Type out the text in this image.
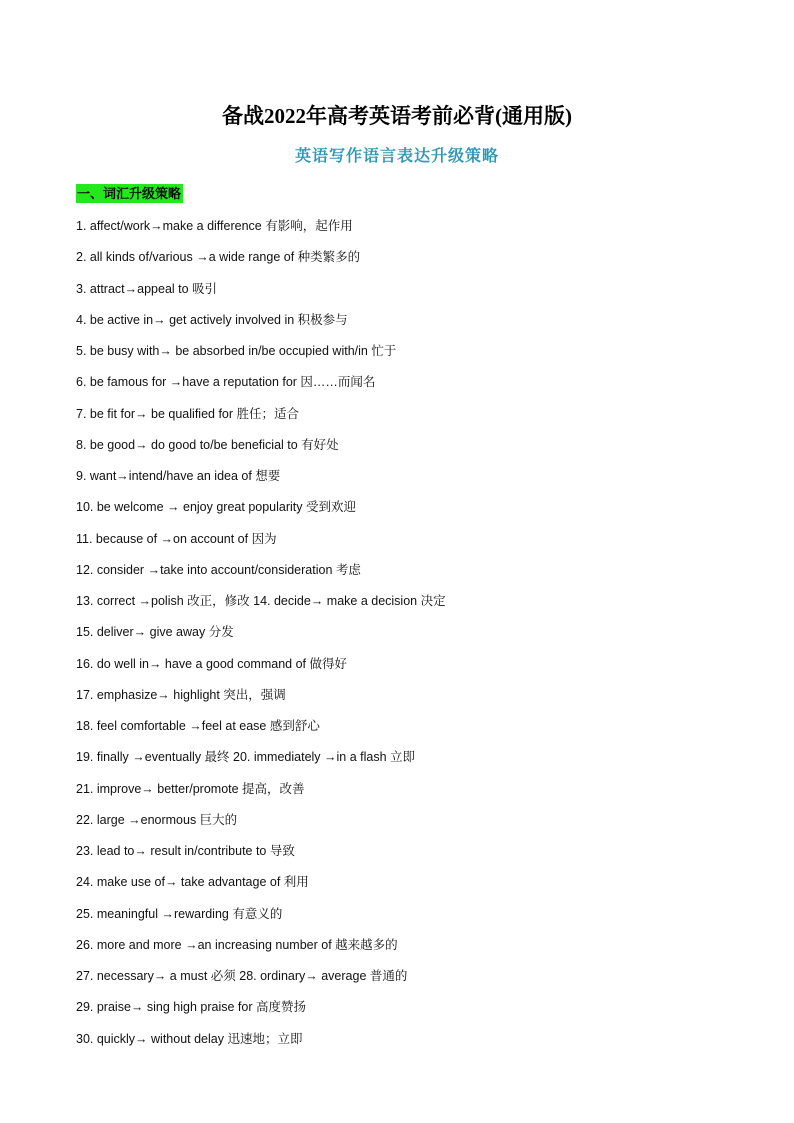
备战2022年高考英语考前必背(通用版)
英语写作语言表达升级策略
一、词汇升级策略
1. affect/work→make a difference 有影响，起作用
2. all kinds of/various →a wide range of 种类繁多的
3. attract→appeal to 吸引
4. be active in→ get actively involved in 积极参与
5. be busy with→ be absorbed in/be occupied with/in 忙于
6. be famous for →have a reputation for 因……而闻名
7. be fit for→ be qualified for 胜任；适合
8. be good→ do good to/be beneficial to 有好处
9. want→intend/have an idea of 想要
10. be welcome → enjoy great popularity 受到欢迎
11. because of →on account of 因为
12. consider →take into account/consideration 考虑
13. correct →polish 改正，修改 14. decide→ make a decision 决定
15. deliver→ give away 分发
16. do well in→ have a good command of 做得好
17. emphasize→ highlight 突出，强调
18. feel comfortable →feel at ease 感到舒心
19. finally →eventually 最终 20. immediately →in a flash 立即
21. improve→ better/promote 提高，改善
22. large →enormous 巨大的
23. lead to→ result in/contribute to 导致
24. make use of→ take advantage of 利用
25. meaningful →rewarding 有意义的
26. more and more →an increasing number of 越来越多的
27. necessary→ a must 必须 28. ordinary→ average 普通的
29. praise→ sing high praise for 高度赞扬
30. quickly→ without delay 迅速地；立即
